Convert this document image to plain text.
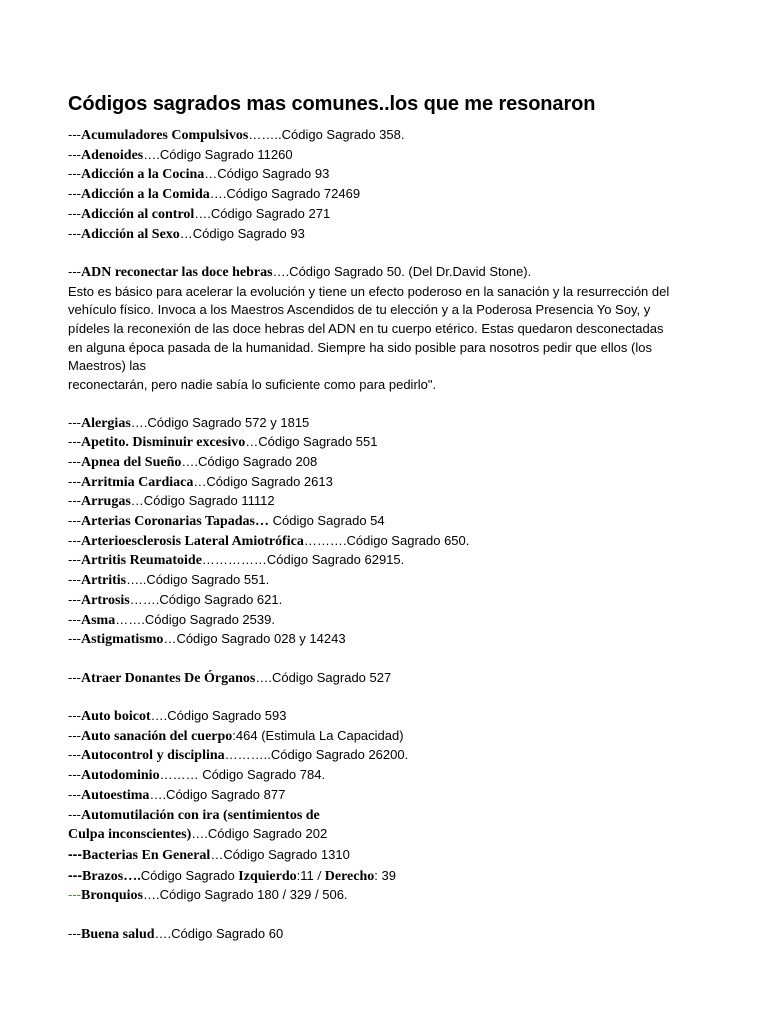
Códigos sagrados mas comunes..los que me resonaron
---Acumuladores Compulsivos……..Código Sagrado 358.
---Adenoides….Código Sagrado 11260
---Adicción a la Cocina…Código Sagrado 93
---Adicción a la Comida….Código Sagrado 72469
---Adicción al control….Código Sagrado 271
---Adicción al Sexo…Código Sagrado 93
---ADN reconectar las doce hebras….Código Sagrado 50. (Del Dr.David Stone).
Esto es básico para acelerar la evolución y tiene un efecto poderoso en la sanación y la resurrección del
vehículo físico. Invoca a los Maestros Ascendidos de tu elección y a la Poderosa Presencia Yo Soy, y
pídeles la reconexión de las doce hebras del ADN en tu cuerpo etérico. Estas quedaron desconectadas
en alguna época pasada de la humanidad. Siempre ha sido posible para nosotros pedir que ellos (los
Maestros) las
reconectarán, pero nadie sabía lo suficiente como para pedirlo".
---Alergias….Código Sagrado 572 y 1815
---Apetito. Disminuir excesivo…Código Sagrado 551
---Apnea del Sueño….Código Sagrado 208
---Arritmia Cardiaca…Código Sagrado 2613
---Arrugas…Código Sagrado 11112
---Arterias Coronarias Tapadas… Código Sagrado 54
---Arterioesclerosis Lateral Amiotrófica……….Código Sagrado 650.
---Artritis Reumatoide……………Código Sagrado 62915.
---Artritis…..Código Sagrado 551.
---Artrosis…….Código Sagrado 621.
---Asma…….Código Sagrado 2539.
---Astigmatismo…Código Sagrado 028 y 14243
---Atraer Donantes De Órganos….Código Sagrado 527
---Auto boicot….Código Sagrado 593
---Auto sanación del cuerpo:464 (Estimula La Capacidad)
---Autocontrol y disciplina………..Código Sagrado 26200.
---Autodominio……… Código Sagrado 784.
---Autoestima….Código Sagrado 877
---Automutilación con ira (sentimientos de
Culpa inconscientes)….Código Sagrado 202
---Bacterias En General…Código Sagrado 1310
---Brazos….Código Sagrado Izquierdo:11 / Derecho: 39
---Bronquios….Código Sagrado 180 / 329 / 506.
---Buena salud….Código Sagrado 60
